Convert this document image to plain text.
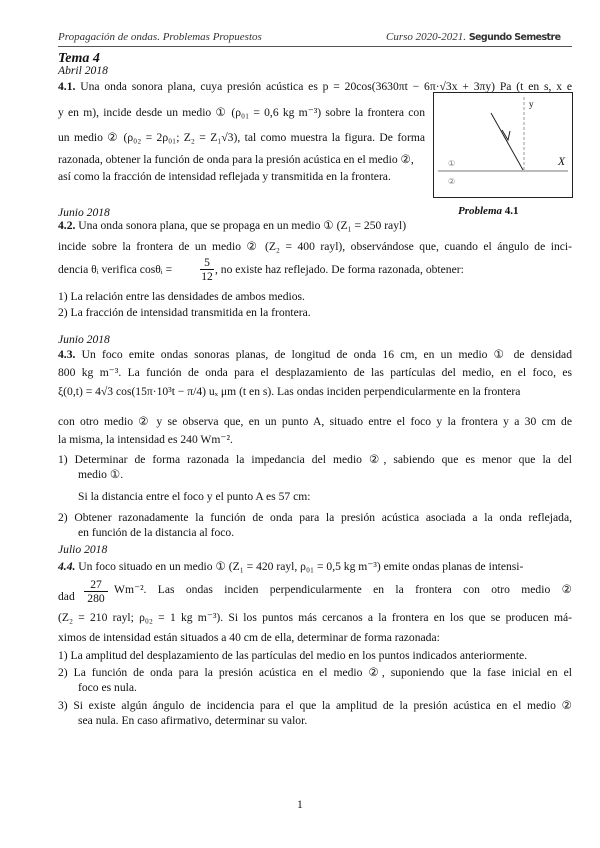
Propagación de ondas. Problemas Propuestos	Curso 2020-2021. Segundo Semestre
Tema 4
Abril 2018
4.1. Una onda sonora plana, cuya presión acústica es p = 20cos(3630πt − 6π·√3x + 3πy) Pa (t en s, x e
y en m), incide desde un medio ① (ρ₀₁ = 0,6 kg m⁻³) sobre la frontera con
un medio ② (ρ₀₂ = 2ρ₀₁; Z₂ = Z₁√3), tal como muestra la figura. De forma
razonada, obtener la función de onda para la presión acústica en el medio ②,
así como la fracción de intensidad reflejada y transmitida en la frontera.
y
X
①
②
Problema 4.1
Junio 2018
4.2. Una onda sonora plana, que se propaga en un medio ① (Z₁ = 250 rayl)
incide sobre la frontera de un medio ② (Z₂ = 400 rayl), observándose que, cuando el ángulo de inci-
dencia θᵢ verifica cosθᵢ = $\frac{5}{12}$ , no existe haz reflejado. De forma razonada, obtener:
1) La relación entre las densidades de ambos medios.
2) La fracción de intensidad transmitida en la frontera.
Junio 2018
4.3. Un foco emite ondas sonoras planas, de longitud de onda 16 cm, en un medio ① de densidad
800 kg m⁻³. La función de onda para el desplazamiento de las partículas del medio, en el foco, es
ξ(0,t) = 4√3 cos(15π·10³t − π/4) uₓ μm (t en s). Las ondas inciden perpendicularmente en la frontera
con otro medio ② y se observa que, en un punto A, situado entre el foco y la frontera y a 30 cm de
la misma, la intensidad es 240 Wm⁻².
1) Determinar de forma razonada la impedancia del medio ②, sabiendo que es menor que la del
medio ①.
Si la distancia entre el foco y el punto A es 57 cm:
2) Obtener razonadamente la función de onda para la presión acústica asociada a la onda reflejada,
en función de la distancia al foco.
Julio 2018
4.4. Un foco situado en un medio ① (Z₁ = 420 rayl, ρ₀₁ = 0,5 kg m⁻³) emite ondas planas de intensi-
dad $\frac{27}{280} Wm^{-2}$. Las ondas inciden perpendicularmente en la frontera con otro medio ②
(Z₂ = 210 rayl; ρ₀₂ = 1 kg m⁻³). Si los puntos más cercanos a la frontera en los que se producen má-
ximos de intensidad están situados a 40 cm de ella, determinar de forma razonada:
1) La amplitud del desplazamiento de las partículas del medio en los puntos indicados anteriormente.
2) La función de onda para la presión acústica en el medio ②, suponiendo que la fase inicial en el
foco es nula.
3) Si existe algún ángulo de incidencia para el que la amplitud de la presión acústica en el medio ②
sea nula. En caso afirmativo, determinar su valor.
1
